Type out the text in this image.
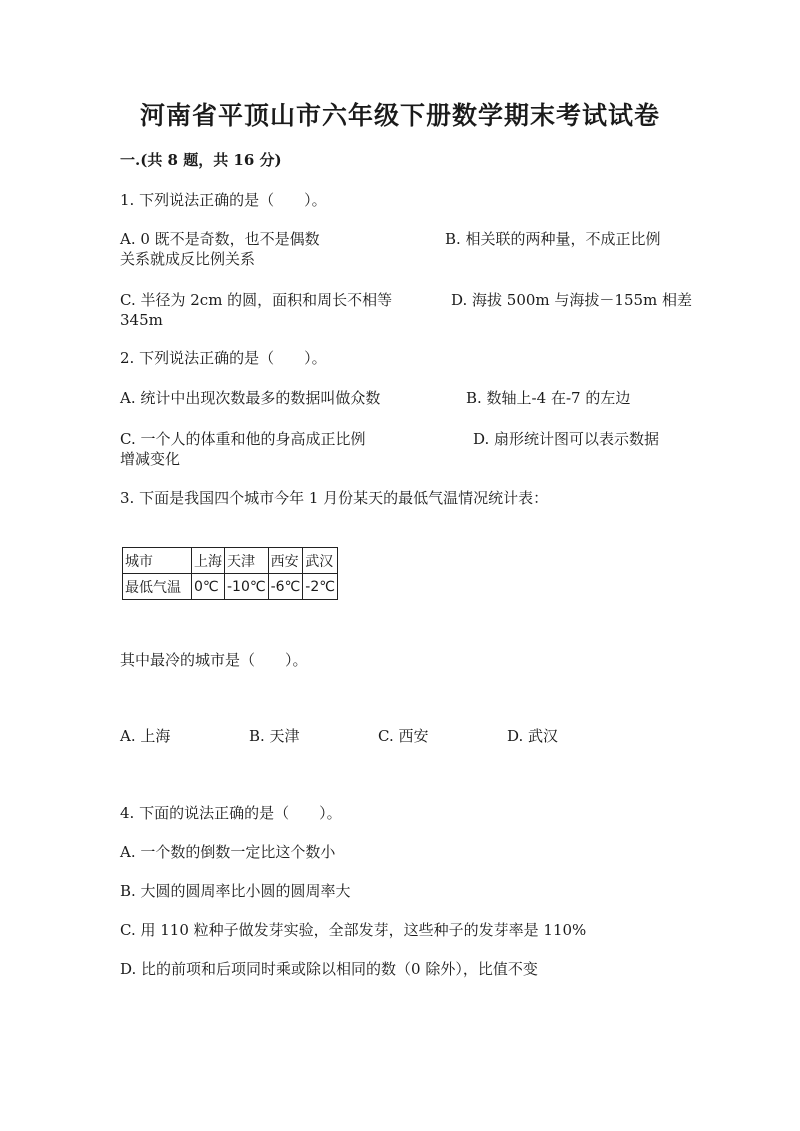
河南省平顶山市六年级下册数学期末考试试卷
一.(共 8 题，共 16 分)
1. 下列说法正确的是（　　）。
A. 0 既不是奇数，也不是偶数	B. 相关联的两种量，不成正比例
关系就成反比例关系
C. 半径为 2cm 的圆，面积和周长不相等	D. 海拔 500m 与海拔－155m 相差
345m
2. 下列说法正确的是（　　）。
A. 统计中出现次数最多的数据叫做众数	B. 数轴上-4 在-7 的左边
C. 一个人的体重和他的身高成正比例	D. 扇形统计图可以表示数据
增减变化
3. 下面是我国四个城市今年 1 月份某天的最低气温情况统计表：
城市	上海	天津	西安	武汉
最低气温	0℃	-10℃	-6℃	-2℃
其中最冷的城市是（　　）。
A. 上海	B. 天津	C. 西安	D. 武汉
4. 下面的说法正确的是（　　）。
A. 一个数的倒数一定比这个数小
B. 大圆的圆周率比小圆的圆周率大
C. 用 110 粒种子做发芽实验，全部发芽，这些种子的发芽率是 110%
D. 比的前项和后项同时乘或除以相同的数（0 除外），比值不变
